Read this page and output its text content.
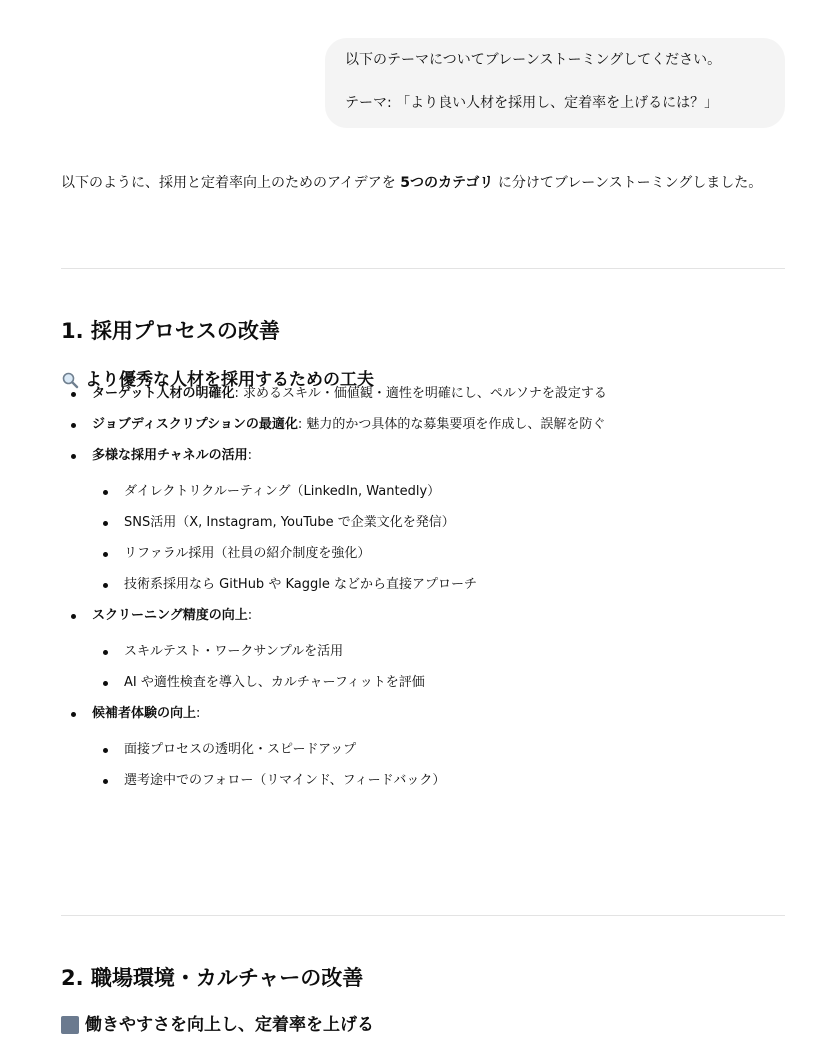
以下のテーマについてブレーンストーミングしてください。

テーマ: 「より良い人材を採用し、定着率を上げるには？」

以下のように、採用と定着率向上のためのアイデアを 5つのカテゴリ に分けてブレーンストーミングしました。

1. 採用プロセスの改善
より優秀な人材を採用するための工夫
ターゲット人材の明確化: 求めるスキル・価値観・適性を明確にし、ペルソナを設定する
ジョブディスクリプションの最適化: 魅力的かつ具体的な募集要項を作成し、誤解を防ぐ
多様な採用チャネルの活用:
ダイレクトリクルーティング（LinkedIn, Wantedly）
SNS活用（X, Instagram, YouTube で企業文化を発信）
リファラル採用（社員の紹介制度を強化）
技術系採用なら GitHub や Kaggle などから直接アプローチ
スクリーニング精度の向上:
スキルテスト・ワークサンプルを活用
AI や適性検査を導入し、カルチャーフィットを評価
候補者体験の向上:
面接プロセスの透明化・スピードアップ
選考途中でのフォロー（リマインド、フィードバック）
2. 職場環境・カルチャーの改善
働きやすさを向上し、定着率を上げる
